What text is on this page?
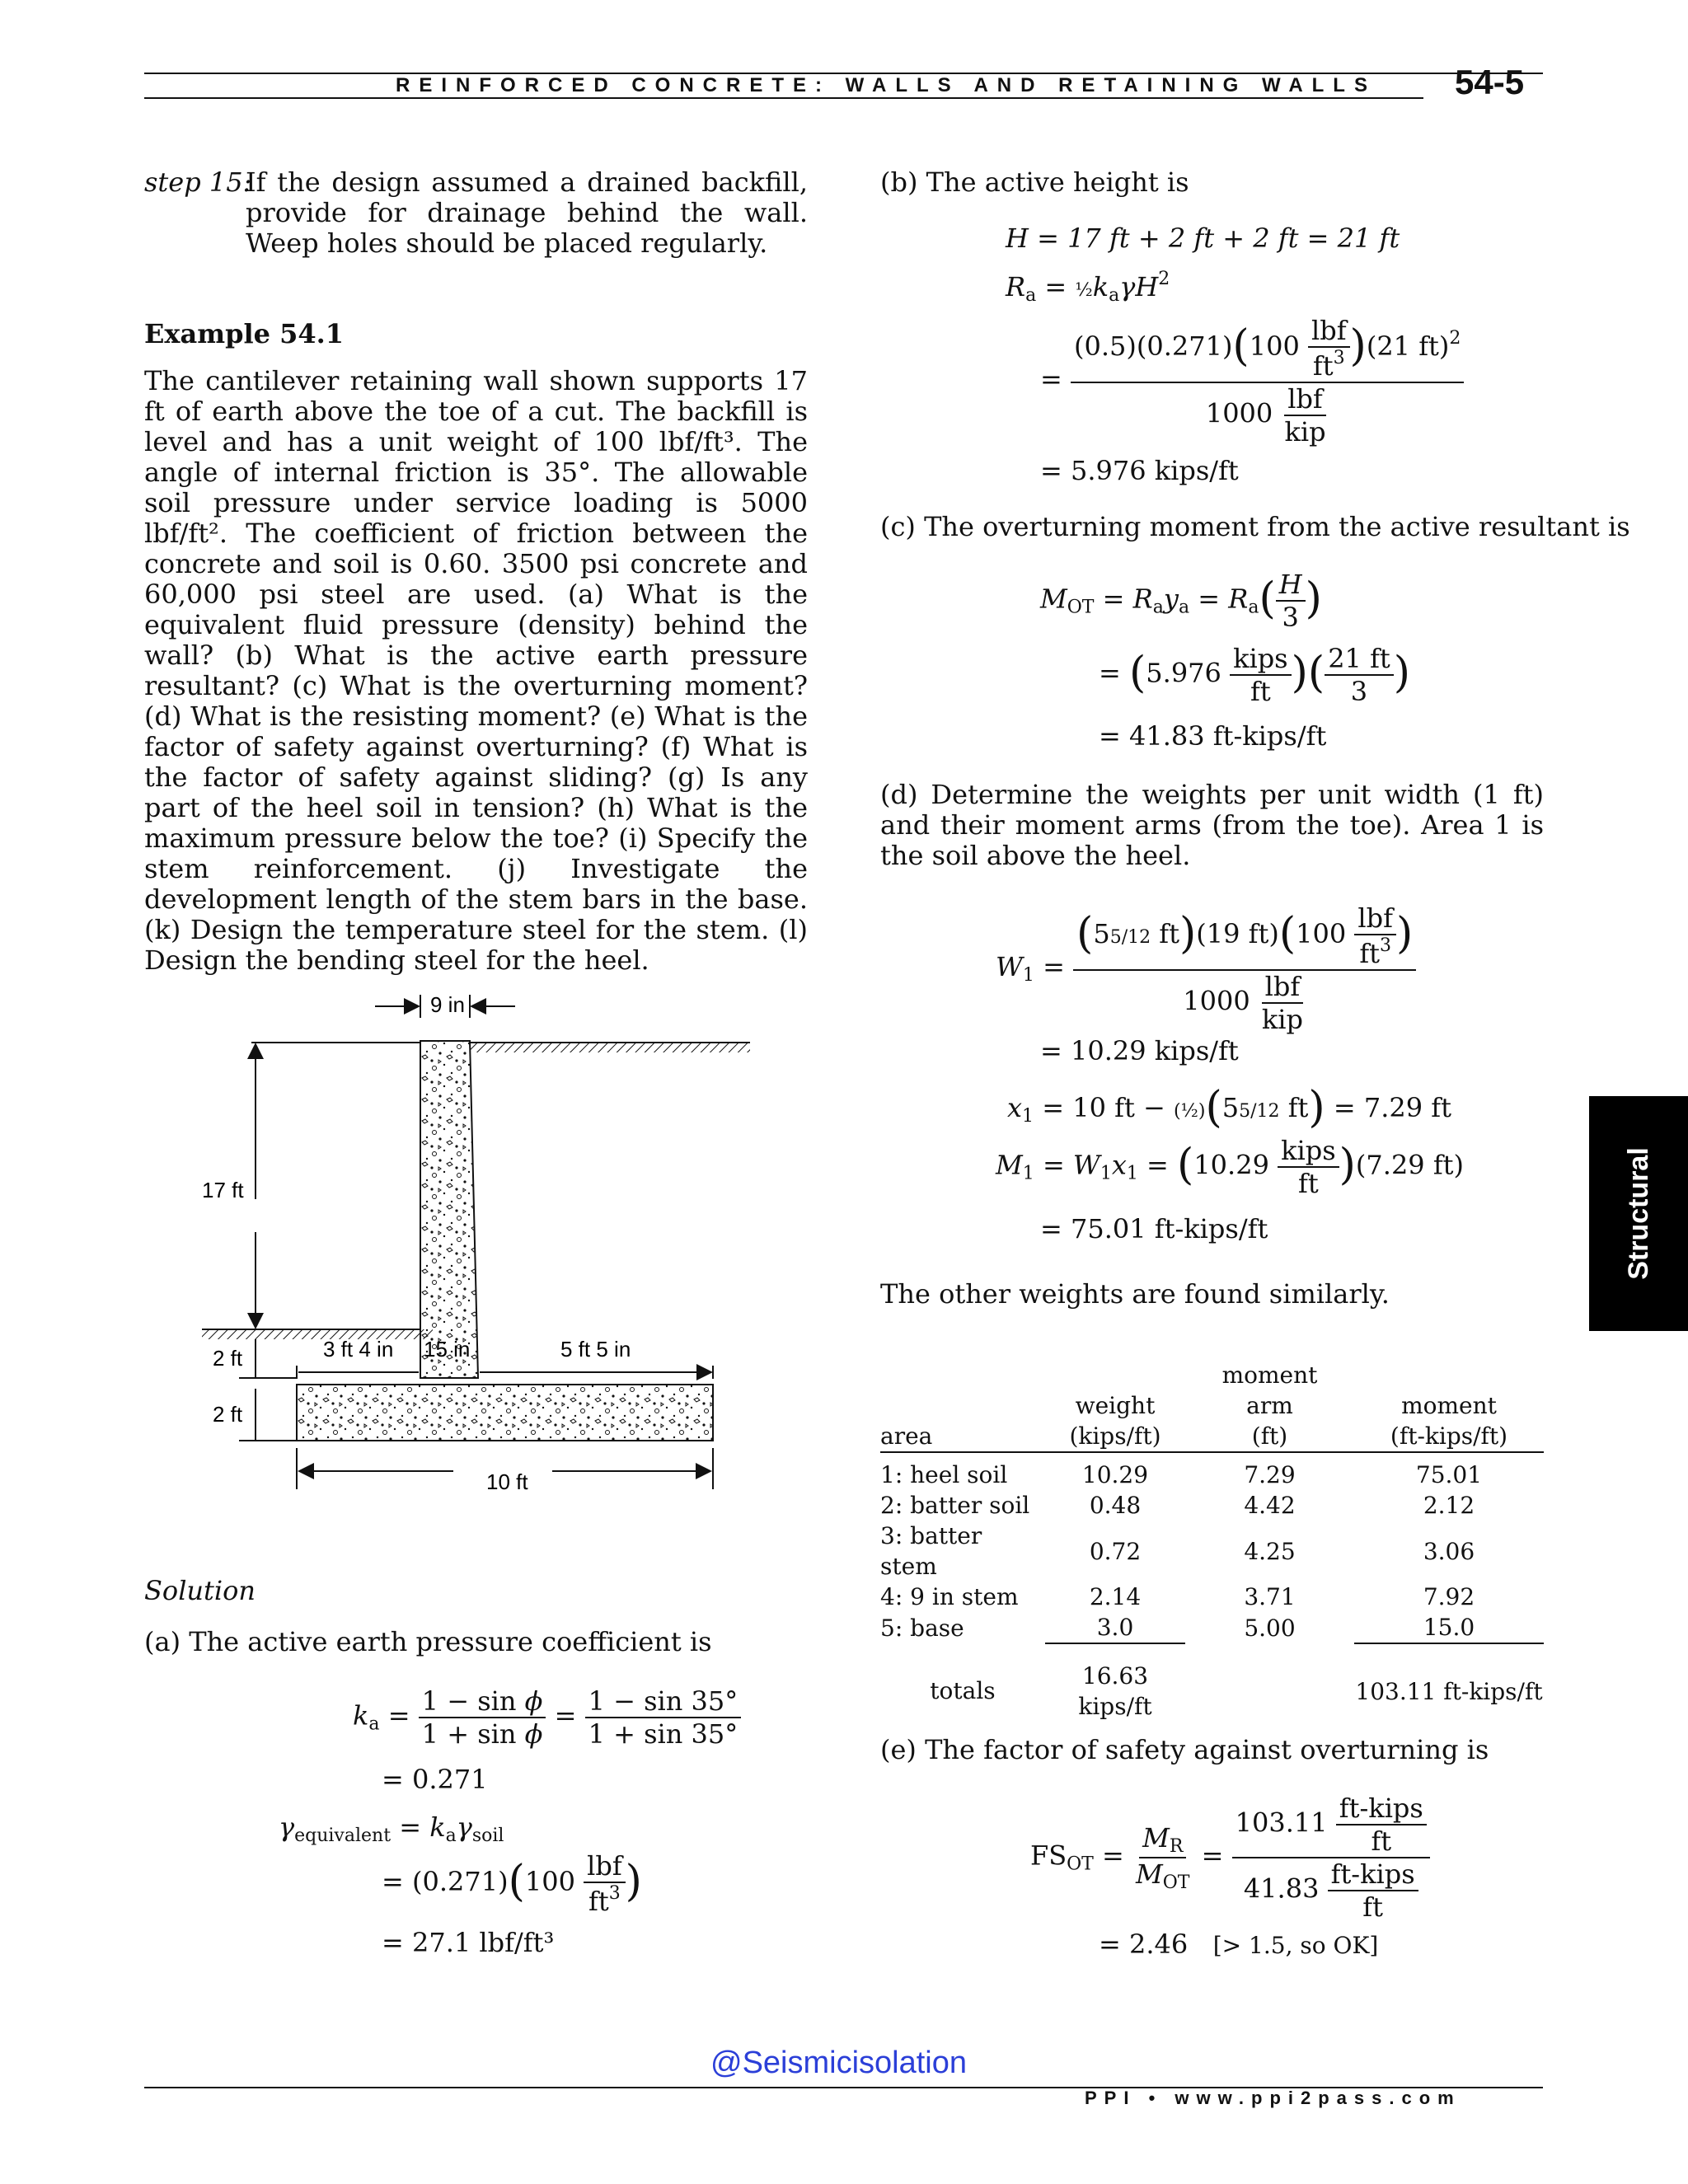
REINFORCED CONCRETE: WALLS AND RETAINING WALLS 54-5
Structural
step 15:

If the design assumed a drained backfill, provide for drainage behind the wall. Weep holes should be placed regularly.

Example 54.1

The cantilever retaining wall shown supports 17 ft of earth above the toe of a cut. The backfill is level and has a unit weight of 100 lbf/ft³. The angle of internal friction is 35°. The allowable soil pressure under service loading is 5000 lbf/ft². The coefficient of friction between the concrete and soil is 0.60. 3500 psi concrete and 60,000 psi steel are used. (a) What is the equivalent fluid pressure (density) behind the wall? (b) What is the active earth pressure resultant? (c) What is the overturning moment? (d) What is the resisting moment? (e) What is the factor of safety against overturning? (f) What is the factor of safety against sliding? (g) Is any part of the heel soil in tension? (h) What is the maximum pressure below the toe? (i) Specify the stem reinforcement. (j) Investigate the development length of the stem bars in the base. (k) Design the temperature steel for the stem. (l) Design the bending steel for the heel.

9 in
17 ft
2 ft
2 ft
3 ft 4 in 15 in	5 ft 5 in
10 ft
Solution
(a) The active earth pressure coefficient is
$k_a = \frac{\text{1 − sin ϕ}}{\text{1 + sin ϕ}} = \frac{1 - \sin 35^\circ}{1 + \sin 35^\circ}$
= 0.271
$\gamma_{equivalent} = k_a\gamma_{soil}$
= $(0.271)(100 \frac{\text{lbf}}{ft^3}$ )
= 27.1 lbf/ft³
(b) The active height is
H = 17 ft + 2 ft + 2 ft = 21 ft
$R_a$ = $\frac{1}{2}k_a\gamma H^2$
= $\frac{(0.5)(0.271)(100 \frac{\text{lbf}}{ft^3} )(21 ft)^2}{1000 \frac{\text{lbf}}{\text{kip}}}$
= 5.976 kips/ft
(c) The overturning moment from the active resultant is
$M_{OT} = R_ay_a = R_a( \frac{H}{3}$ )
= ($5.976 \frac{\text{kips}}{ft}$ )( $\frac{21 ft}{3}$ )
= 41.83 ft-kips/ft

(d) Determine the weights per unit width (1 ft) and their moment arms (from the toe). Area 1 is the soil above the heel.

$W_1 = \frac{(55/12 ft)(19 ft)(100 \frac{\text{lbf}}{ft^3} )}{1000 \frac{\text{lbf}}{\text{kip}}}$
= 10.29 kips/ft
$x_1 = 10$ ft − (½)(55/12 ft) = 7.29 ft
$M_1 = W_1x_1 = (10.29 \frac{\text{kips}}{ft} )(7.29$ ft)
= 75.01 ft-kips/ft
The other weights are found similarly.
		moment	
	weight	arm	moment
area	(kips/ft)	(ft)	(ft-kips/ft)
1: heel soil	10.29	7.29	75.01
2: batter soil	0.48	4.42	2.12
3: batter stem	0.72	4.25	3.06
4: 9 in stem	2.14	3.71	7.92
5: base	3.0	5.00	15.0
totals	16.63 kips/ft		103.11 ft-kips/ft
(e) The factor of safety against overturning is
$FS_{OT} = \frac{M_R}{M_{OT}} = \frac{103.11 \frac{\text{ft-kips}}{ft}}{41.83 \frac{\text{ft-kips}}{ft}}$
= 2.46 [> 1.5, so OK]
@Seismicisolation
PPI • www.ppi2pass.com
